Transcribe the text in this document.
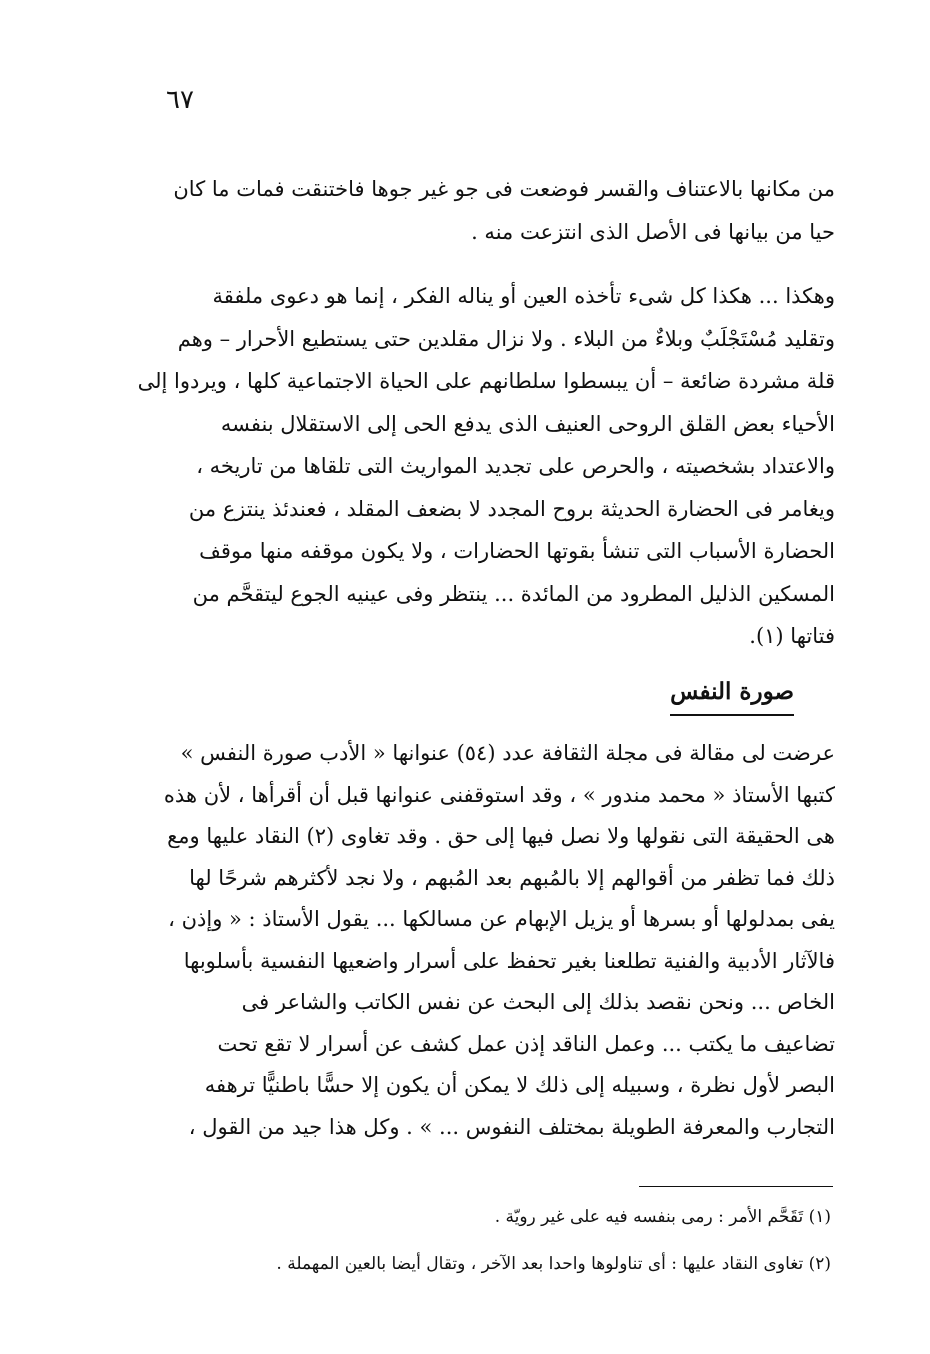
٦٧
من مكانها بالاعتناف والقسر فوضعت فى جو غير جوها فاختنقت فمات ما كان
حيا من بيانها فى الأصل الذى انتزعت منه .
وهكذا ... هكذا كل شىء تأخذه العين أو يناله الفكر ، إنما هو دعوى ملفقة
وتقليد مُسْتَجْلَبٌ وبلاءٌ من البلاء . ولا نزال مقلدين حتى يستطيع الأحرار – وهم
قلة مشردة ضائعة – أن يبسطوا سلطانهم على الحياة الاجتماعية كلها ، ويردوا إلى
الأحياء بعض القلق الروحى العنيف الذى يدفع الحى إلى الاستقلال بنفسه
والاعتداد بشخصيته ، والحرص على تجديد المواريث التى تلقاها من تاريخه ،
ويغامر فى الحضارة الحديثة بروح المجدد لا بضعف المقلد ، فعندئذ ينتزع من
الحضارة الأسباب التى تنشأ بقوتها الحضارات ، ولا يكون موقفه منها موقف
المسكين الذليل المطرود من المائدة ... ينتظر وفى عينيه الجوع ليتقحَّم من
فتاتها (١).
صورة النفس
عرضت لى مقالة فى مجلة الثقافة عدد (٥٤) عنوانها « الأدب صورة النفس »
كتبها الأستاذ « محمد مندور » ، وقد استوقفنى عنوانها قبل أن أقرأها ، لأن هذه
هى الحقيقة التى نقولها ولا نصل فيها إلى حق . وقد تغاوى (٢) النقاد عليها ومع
ذلك فما تظفر من أقوالهم إلا بالمُبهم بعد المُبهم ، ولا نجد لأكثرهم شرحًا لها
يفى بمدلولها أو بسرها أو يزيل الإبهام عن مسالكها ... يقول الأستاذ : « وإذن ،
فالآثار الأدبية والفنية تطلعنا بغير تحفظ على أسرار واضعيها النفسية بأسلوبها
الخاص ... ونحن نقصد بذلك إلى البحث عن نفس الكاتب والشاعر فى
تضاعيف ما يكتب ... وعمل الناقد إذن عمل كشف عن أسرار لا تقع تحت
البصر لأول نظرة ، وسبيله إلى ذلك لا يمكن أن يكون إلا حسًّا باطنيًّا ترهفه
التجارب والمعرفة الطويلة بمختلف النفوس ... » . وكل هذا جيد من القول ،
(١) تَقَحَّم الأمر : رمى بنفسه فيه على غير رويّة .
(٢) تغاوى النقاد عليها : أى تناولوها واحدا بعد الآخر ، وتقال أيضا بالعين المهملة .
